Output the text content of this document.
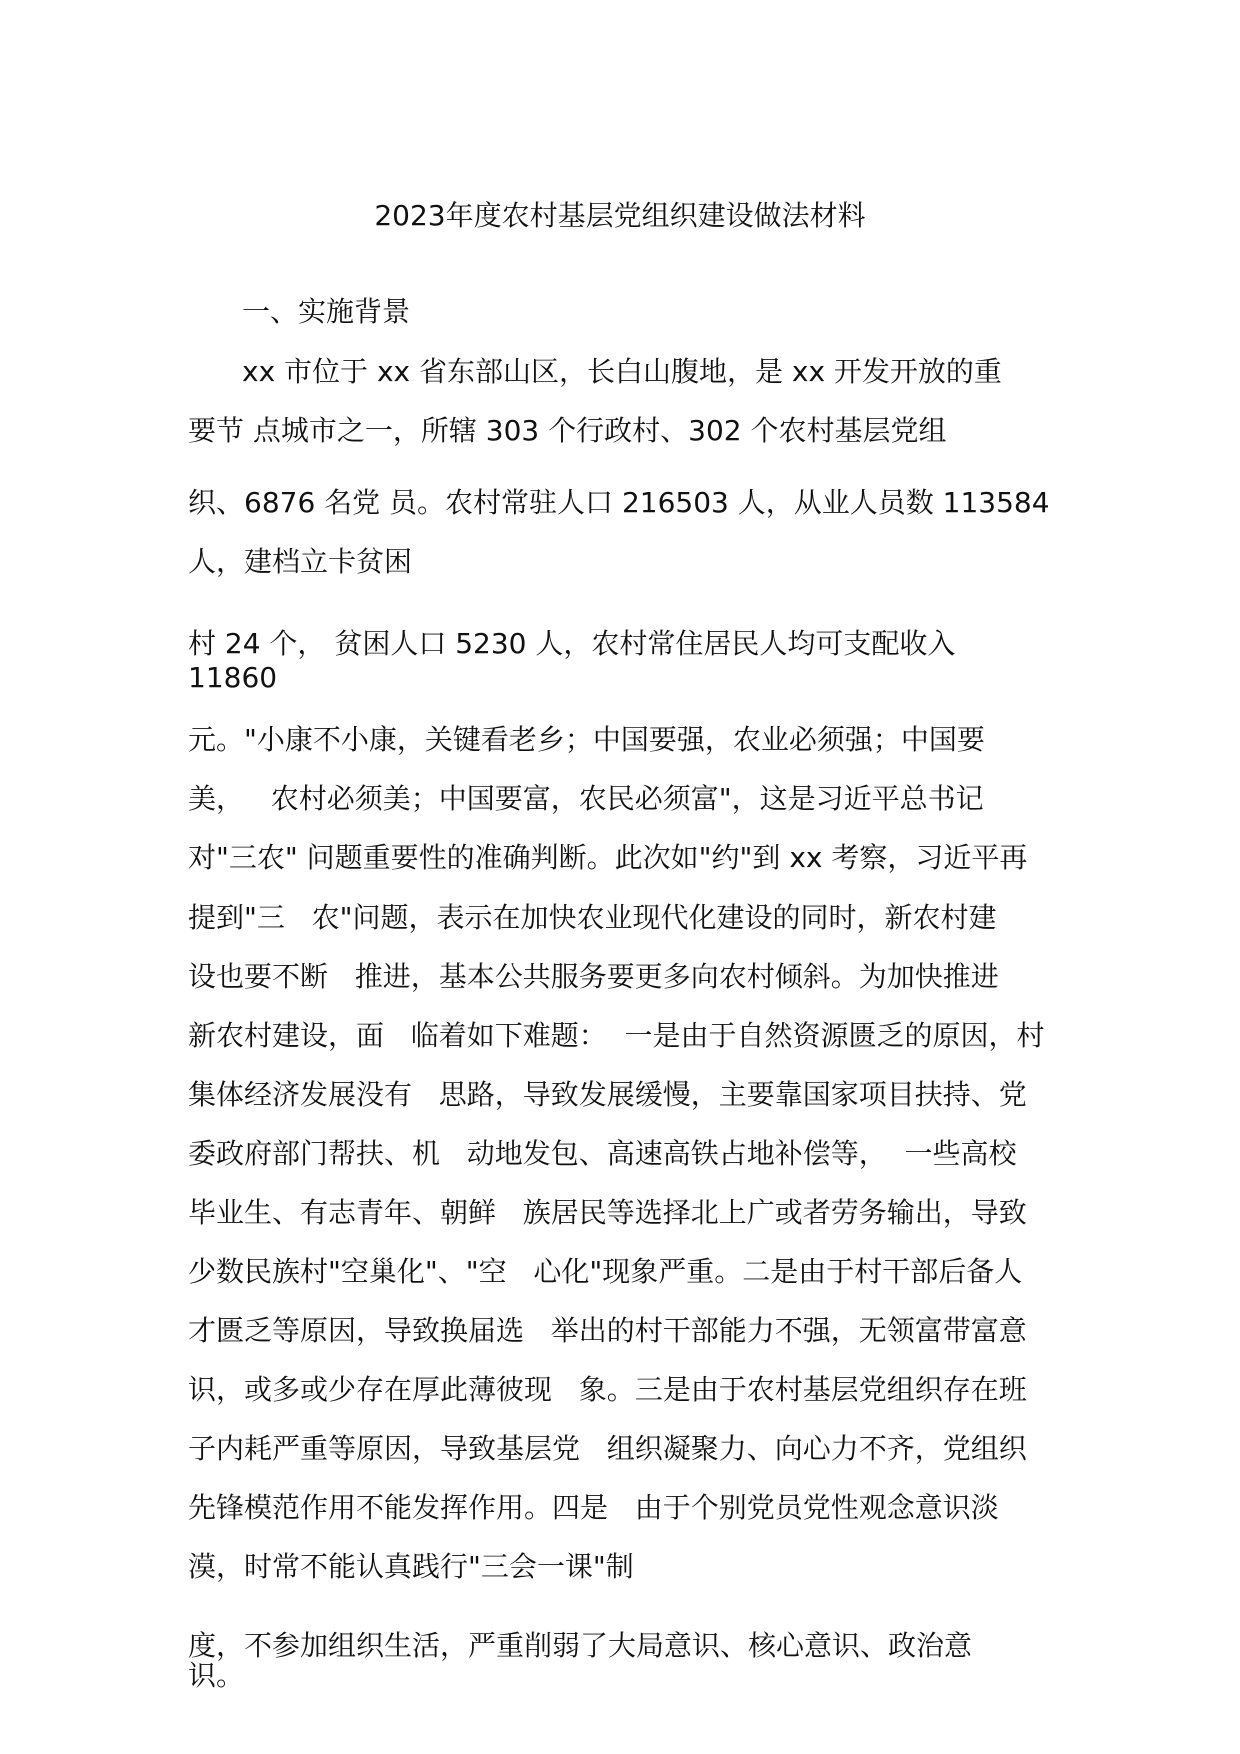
2023年度农村基层党组织建设做法材料
一、实施背景

xx 市位于 xx 省东部山区，长白山腹地，是 xx 开发开放的重

要节 点城市之一，所辖 303 个行政村、302 个农村基层党组

织、6876 名党 员。农村常驻人口 216503 人，从业人员数 113584

人，建档立卡贫困

村 24 个， 贫困人口 5230 人，农村常住居民人均可支配收入

11860

元。"小康不小康，关键看老乡；中国要强，农业必须强；中国要

美，   农村必须美；中国要富，农民必须富"，这是习近平总书记

对"三农" 问题重要性的准确判断。此次如"约"到 xx 考察，习近平再

提到"三   农"问题，表示在加快农业现代化建设的同时，新农村建

设也要不断   推进，基本公共服务要更多向农村倾斜。为加快推进

新农村建设，面   临着如下难题：  一是由于自然资源匮乏的原因，村

集体经济发展没有   思路，导致发展缓慢，主要靠国家项目扶持、党

委政府部门帮扶、机   动地发包、高速高铁占地补偿等，  一些高校

毕业生、有志青年、朝鲜   族居民等选择北上广或者劳务输出，导致

少数民族村"空巢化"、"空   心化"现象严重。二是由于村干部后备人

才匮乏等原因，导致换届选   举出的村干部能力不强，无领富带富意

识，或多或少存在厚此薄彼现   象。三是由于农村基层党组织存在班

子内耗严重等原因，导致基层党   组织凝聚力、向心力不齐，党组织

先锋模范作用不能发挥作用。四是   由于个别党员党性观念意识淡

漠，时常不能认真践行"三会一课"制

度，不参加组织生活，严重削弱了大局意识、核心意识、政治意

识。
